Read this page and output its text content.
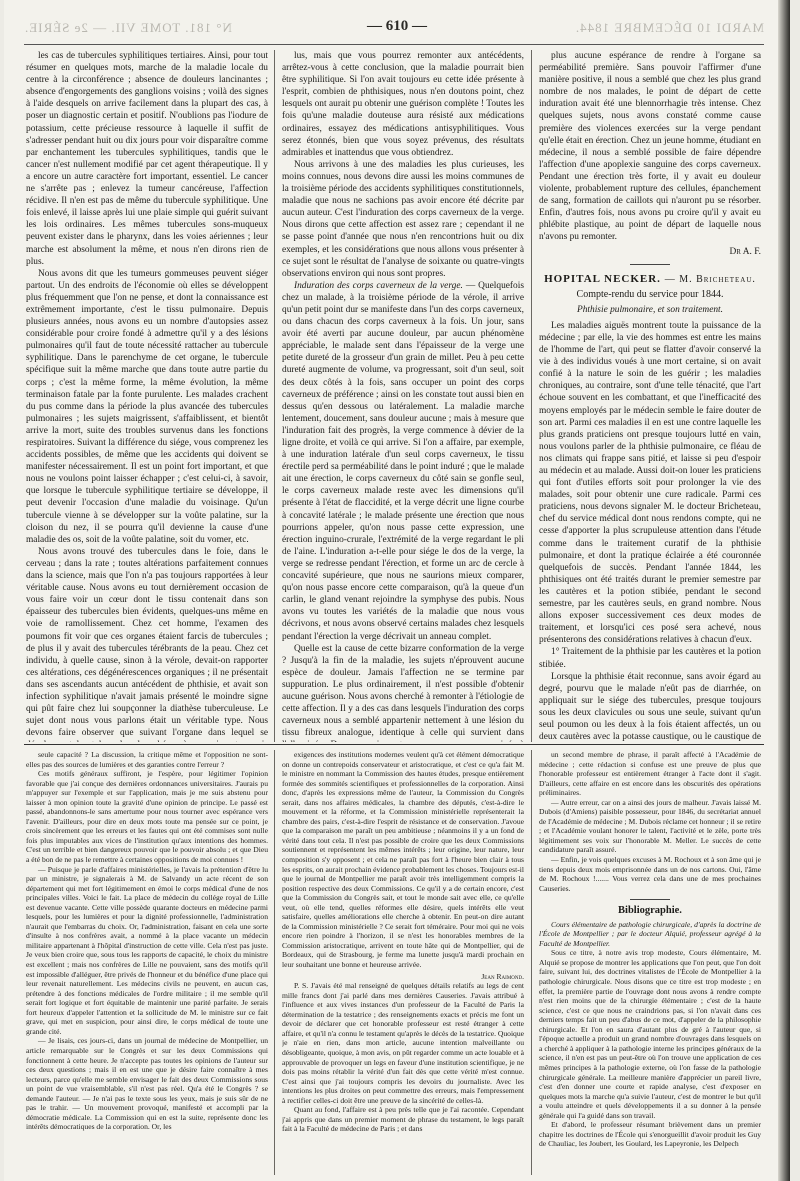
MARDI 10 DÉCEMBRE 1844.
N° 181. TOME VII. — 2e SÉRIE.	— 610 —

les cas de tubercules syphilitiques tertiaires. Ainsi, pour tout résumer en quelques mots, marche de la maladie locale du centre à la circonférence ; absence de douleurs lancinantes ; absence d'engorgements des ganglions voisins ; voilà des signes à l'aide desquels on arrive facilement dans la plupart des cas, à poser un diagnostic certain et positif. N'oublions pas l'iodure de potassium, cette précieuse ressource à laquelle il suffit de s'adresser pendant huit ou dix jours pour voir disparaître comme par enchantement les tubercules syphilitiques, tandis que le cancer n'est nullement modifié par cet agent thérapeutique. Il y a encore un autre caractère fort important, essentiel. Le cancer ne s'arrête pas ; enlevez la tumeur cancéreuse, l'affection récidive. Il n'en est pas de même du tubercule syphilitique. Une fois enlevé, il laisse après lui une plaie simple qui guérit suivant les lois ordinaires. Les mêmes tubercules sons-muqueux peuvent exister dans le pharynx, dans les voies aériennes ; leur marche est absolument la même, et nous n'en dirons rien de plus.

Nous avons dit que les tumeurs gommeuses peuvent siéger partout. Un des endroits de l'économie où elles se développent plus fréquemment que l'on ne pense, et dont la connaissance est extrêmement importante, c'est le tissu pulmonaire. Depuis plusieurs années, nous avons eu un nombre d'autopsies assez considérable pour croire fondé à admettre qu'il y a des lésions pulmonaires qu'il faut de toute nécessité rattacher au tubercule syphilitique. Dans le parenchyme de cet organe, le tubercule spécifique suit la même marche que dans toute autre partie du corps ; c'est la même forme, la même évolution, la même terminaison fatale par la fonte purulente. Les malades crachent du pus comme dans la période la plus avancée des tubercules pulmonaires ; les sujets maigrissent, s'affaiblissent, et bientôt arrive la mort, suite des troubles survenus dans les fonctions respiratoires. Suivant la différence du siége, vous comprenez les accidents possibles, de même que les accidents qui doivent se manifester nécessairement. Il est un point fort important, et que nous ne voulons point laisser échapper ; c'est celui-ci, à savoir, que lorsque le tubercule syphilitique tertiaire se développe, il peut devenir l'occasion d'une maladie du voisinage. Qu'un tubercule vienne à se développer sur la voûte palatine, sur la cloison du nez, il se pourra qu'il devienne la cause d'une maladie des os, soit de la voûte palatine, soit du vomer, etc.

Nous avons trouvé des tubercules dans le foie, dans le cerveau ; dans la rate ; toutes altérations parfaitement connues dans la science, mais que l'on n'a pas toujours rapportées à leur véritable cause. Nous avons eu tout dernièrement occasion de vous faire voir un cœur dont le tissu contenait dans son épaisseur des tubercules bien évidents, quelques-uns même en voie de ramollissement. Chez cet homme, l'examen des poumons fit voir que ces organes étaient farcis de tubercules ; de plus il y avait des tubercules térébrants de la peau. Chez cet individu, à quelle cause, sinon à la vérole, devait-on rapporter ces altérations, ces dégénérescences organiques ; il ne présentait dans ses ascendants aucun antécédent de phthisie, et avait son infection syphilitique n'avait jamais présenté le moindre signe qui pût faire chez lui soupçonner la diathèse tuberculeuse. Le sujet dont nous vous parlons était un véritable type. Nous devons faire observer que suivant l'organe dans lequel se

lus, mais que vous pourrez remonter aux antécédents, arrêtez-vous à cette conclusion, que la maladie pourrait bien être syphilitique. Si l'on avait toujours eu cette idée présente à l'esprit, combien de phthisiques, nous n'en doutons point, chez lesquels ont aurait pu obtenir une guérison complète ! Toutes les fois qu'une maladie douteuse aura résisté aux médications ordinaires, essayez des médications antisyphilitiques. Vous serez étonnés, bien que vous soyez prévenus, des résultats admirables et inattendus que vous obtiendrez.

Nous arrivons à une des maladies les plus curieuses, les moins connues, nous devons dire aussi les moins communes de la troisième période des accidents syphilitiques constitutionnels, maladie que nous ne sachions pas avoir encore été décrite par aucun auteur. C'est l'induration des corps caverneux de la verge. Nous dirons que cette affection est assez rare ; cependant il ne se passe point d'année que nous n'en rencontrions huit ou dix exemples, et les considérations que nous allons vous présenter à ce sujet sont le résultat de l'analyse de soixante ou quatre-vingts observations environ qui nous sont propres.

Induration des corps caverneux de la verge. — Quelquefois chez un malade, à la troisième période de la vérole, il arrive qu'un petit point dur se manifeste dans l'un des corps caverneux, ou dans chacun des corps caverneux à la fois. Un jour, sans avoir été averti par aucune douleur, par aucun phénomène appréciable, le malade sent dans l'épaisseur de la verge une petite dureté de la grosseur d'un grain de millet. Peu à peu cette dureté augmente de volume, va progressant, soit d'un seul, soit des deux côtés à la fois, sans occuper un point des corps caverneux de préférence ; ainsi on les constate tout aussi bien en dessus qu'en dessous ou latéralement. La maladie marche lentement, doucement, sans douleur aucune ; mais à mesure que l'induration fait des progrès, la verge commence à dévier de la ligne droite, et voilà ce qui arrive. Si l'on a affaire, par exemple, à une induration latérale d'un seul corps caverneux, le tissu érectile perd sa perméabilité dans le point induré ; que le malade ait une érection, le corps caverneux du côté sain se gonfle seul, le corps caverneux malade reste avec les dimensions qu'il présente à l'état de flaccidité, et la verge décrit une ligne courbe à concavité latérale ; le malade présente une érection que nous pourrions appeler, qu'on nous passe cette expression, une érection inguino-crurale, l'extrémité de la verge regardant le pli de l'aine. L'induration a-t-elle pour siége le dos de la verge, la verge se redresse pendant l'érection, et forme un arc de cercle à concavité supérieure, que nous ne saurions mieux comparer, qu'on nous passe encore cette comparaison, qu'à la queue d'un carlin, le gland venant rejoindre la symphyse des pubis. Nous avons vu toutes les variétés de la maladie que nous vous décrivons, et nous avons observé certains malades chez lesquels pendant l'érection la verge décrivait un anneau complet.

Quelle est la cause de cette bizarre conformation de la verge ? Jusqu'à la fin de la maladie, les sujets n'éprouvent aucune espèce de douleur. Jamais l'affection ne se termine par suppuration. Le plus ordinairement, il n'est possible d'obtenir aucune guérison. Nous avons cherché à remonter à l'étiologie de cette affection. Il y a des cas dans lesquels l'induration des corps caverneux nous a semblé appartenir nettement à une lésion du tissu fibreux analogue, identique à celle qui survient dans

plus aucune espérance de rendre à l'organe sa perméabilité première. Sans pouvoir l'affirmer d'une manière positive, il nous a semblé que chez les plus grand nombre de nos malades, le point de départ de cette induration avait été une blennorrhagie très intense. Chez quelques sujets, nous avons constaté comme cause première des violences exercées sur la verge pendant qu'elle était en érection. Chez un jeune homme, étudiant en médecine, il nous a semblé possible de faire dépendre l'affection d'une apoplexie sanguine des corps caverneux. Pendant une érection très forte, il y avait eu douleur violente, probablement rupture des cellules, épanchement de sang, formation de caillots qui n'auront pu se résorber. Enfin, d'autres fois, nous avons pu croire qu'il y avait eu phlébite plastique, au point de départ de laquelle nous n'avons pu remonter.

Dr A. F.
HOPITAL NECKER. — M. Bricheteau.
Compte-rendu du service pour 1844.
Phthisie pulmonaire, et son traitement.

Les maladies aiguës montrent toute la puissance de la médecine ; par elle, la vie des hommes est entre les mains de l'homme de l'art, qui peut se flatter d'avoir conservé la vie à des individus voués à une mort certaine, si on avait confié à la nature le soin de les guérir ; les maladies chroniques, au contraire, sont d'une telle ténacité, que l'art échoue souvent en les combattant, et que l'inefficacité des moyens employés par le médecin semble le faire douter de son art. Parmi ces maladies il en est une contre laquelle les plus grands praticiens ont presque toujours lutté en vain, nous voulons parler de la phthisie pulmonaire, ce fléau de nos climats qui frappe sans pitié, et laisse si peu d'espoir au médecin et au malade. Aussi doit-on louer les praticiens qui font d'utiles efforts soit pour prolonger la vie des malades, soit pour obtenir une cure radicale. Parmi ces praticiens, nous devons signaler M. le docteur Bricheteau, chef du service médical dont nous rendons compte, qui ne cesse d'apporter la plus scrupuleuse attention dans l'étude comme dans le traitement curatif de la phthisie pulmonaire, et dont la pratique éclairée a été couronnée quelquefois de succès. Pendant l'année 1844, les phthisiques ont été traités durant le premier semestre par les cautères et la potion stibiée, pendant le second semestre, par les cautères seuls, en grand nombre. Nous allons exposer successivement ces deux modes de traitement, et lorsqu'ici ces posé sera achevé, nous présenterons des considérations relatives à chacun d'eux.

1° Traitement de la phthisie par les cautères et la potion stibiée.

Lorsque la phthisie était reconnue, sans avoir égard au degré, pourvu que le malade n'eût pas de diarrhée, on appliquait sur le siége des tubercules, presque toujours sous les deux clavicules ou sous une seule, suivant qu'un seul poumon ou les deux à la fois étaient affectés, un ou deux cautères avec la potasse caustique, ou le caustique de

seule capacité ? La discussion, la critique même et l'opposition ne sont-elles pas des sources de lumières et des garanties contre l'erreur ?

Ces motifs généraux suffiront, je l'espère, pour légitimer l'opinion favorable que j'ai conçue des dernières ordonnances universitaires. J'aurais pu m'appuyer sur l'exemple et sur l'application, mais je me suis abstenu pour laisser à mon opinion toute la gravité d'une opinion de principe. Le passé est passé, abandonnons-le sans amertume pour nous tourner avec espérance vers l'avenir. D'ailleurs, pour dire en deux mots toute ma pensée sur ce point, je crois sincèrement que les erreurs et les fautes qui ont été commises sont nulle fois plus imputables aux vices de l'institution qu'aux intentions des hommes. C'est un terrible et bien dangereux pouvoir que le pouvoir absolu ; et que Dieu a été bon de ne pas le remettre à certaines oppositions de moi connues !

— Puisque je parle d'affaires ministérielles, je l'avais la prétention d'être lu par un ministre, je signalerais à M. de Salvandy un acte récent de son département qui met fort légitimement en émoi le corps médical d'une de nos principales villes. Voici le fait. La place de médecin du collége royal de Lille est devenue vacante. Cette ville possède quarante docteurs en médecine parmi lesquels, pour les lumières et pour la dignité professionnelle, l'administration n'aurait que l'embarras du choix. Or, l'administration, faisant en cela une sorte d'insulte à nos confrères avait, a nommé à la place vacante un médecin militaire appartenant à l'hôpital d'instruction de cette ville. Cela n'est pas juste. Je veux bien croire que, sous tous les rapports de capacité, le choix du ministre est excellent ; mais nos confrères de Lille ne pouvaient, sans des motifs qu'il est impossible d'alléguer, être privés de l'honneur et du bénéfice d'une place qui leur revenait naturellement. Les médecins civils ne peuvent, en aucun cas, prétendre à des fonctions médicales de l'ordre militaire ; il me semble qu'il serait fort logique et fort équitable de maintenir une parité parfaite. Je serais fort heureux d'appeler l'attention et la sollicitude de M. le ministre sur ce fait grave, qui met en suspicion, pour ainsi dire, le corps médical de toute une grande cité.

— Je lisais, ces jours-ci, dans un journal de médecine de Montpellier, un article remarquable sur le Congrès et sur les deux Commissions qui fonctionnent à cette heure. Je n'accepte pas toutes les opinions de l'auteur sur ces deux questions ; mais il en est une que je désire faire connaître à mes lecteurs, parce qu'elle me semble envisager le fait des deux Commissions sous un point de vue vraisemblable, s'il n'est pas réel. Qu'a été le Congrès ? se demande l'auteur. — Je n'ai pas le texte sous les yeux, mais je suis sûr de ne pas le trahir. — Un mouvement provoqué, manifesté et accompli par la démocratie médicale. La Commission qui en est la suite, représente donc les intérêts démocratiques de la corporation. Or, les

exigences des institutions modernes veulent qu'à cet élément démocratique on donne un contrepoids conservateur et aristocratique, et c'est ce qu'a fait M. le ministre en nommant la Commission des hautes études, presque entièrement formée des sommités scientifiques et professionnelles de la corporation. Ainsi donc, d'après les expressions même de l'auteur, la Commission du Congrès serait, dans nos affaires médicales, la chambre des députés, c'est-à-dire le mouvement et la réforme, et la Commission ministérielle représenterait la chambre des pairs, c'est-à-dire l'esprit de résistance et de conservation. J'avoue que la comparaison me paraît un peu ambitieuse ; néanmoins il y a un fond de vérité dans tout cela. Il n'est pas possible de croire que les deux Commissions soutiennent et représentent les mêmes intérêts ; leur origine, leur nature, leur composition s'y opposent ; et cela ne paraît pas fort à l'heure bien clair à tous les esprits, on aurait prochain évidence probablement les choses. Toujours est-il que le journal de Montpellier me paraît avoir très intelligemment compris la position respective des deux Commissions. Ce qu'il y a de certain encore, c'est que la Commission du Congrès sait, et tout le monde sait avec elle, ce qu'elle veut, où elle tend, quelles réformes elle désire, quels intérêts elle veut satisfaire, quelles améliorations elle cherche à obtenir. En peut-on dire autant de la Commission ministérielle ? Ce serait fort téméraire. Pour moi qui ne vois encore rien poindre à l'horizon, il se n'est les honorables membres de la Commission aristocratique, arrivent en toute hâte qui de Montpellier, qui de Bordeaux, qui de Strasbourg, je ferme ma lunette jusqu'à mardi prochain en leur souhaitant une bonne et heureuse arrivée.

Jean Raimond.

P. S. J'avais été mal renseigné de quelques détails relatifs au legs de cent mille francs dont j'ai parlé dans mes dernières Causeries. J'avais attribué à l'influence et aux vives instances d'un professeur de la Faculté de Paris la détermination de la testatrice ; des renseignements exacts et précis me font un devoir de déclarer que cet honorable professeur est resté étranger à cette affaire, et qu'il n'a connu le testament qu'après le décès de la testatrice. Quoique je n'aie en rien, dans mon article, aucune intention malveillante ou désobligeante, quoique, à mon avis, on pût regarder comme un acte louable et à approuvable de provoquer un legs en faveur d'une institution scientifique, je ne dois pas moins rétablir la vérité d'un fait dès que cette vérité m'est connue. C'est ainsi que j'ai toujours compris les devoirs du journaliste. Avec les intentions les plus droites on peut commettre des erreurs, mais l'empressement à rectifier celles-ci doit être une preuve de la sincérité de celles-là.

Quant au fond, l'affaire est à peu près telle que je l'ai racontée. Cependant j'ai appris que dans un premier moment de phrase du testament, le legs paraît fait à la Faculté de médecine de Paris ; et dans

un second membre de phrase, il paraît affecté à l'Académie de médecine ; cette rédaction si confuse est une preuve de plus que l'honorable professeur est entièrement étranger à l'acte dont il s'agit. D'ailleurs, cette affaire en est encore dans les obscurités des opérations préliminaires.

— Autre erreur, car on a ainsi des jours de malheur. J'avais laissé M. Dubois (d'Amiens) paisible possesseur, pour 1846, du secrétariat annuel de l'Académie de médecine ; M. Dubois réclame cet honneur ; il se retire ; et l'Académie voulant honorer le talent, l'activité et le zèle, porte très légitimement ses voix sur l'honorable M. Meller. Le succès de cette candidature paraît assuré.

— Enfin, je vois quelques excuses à M. Rochoux et à son âme qui je tiens depuis deux mois emprisonnée dans un de nos cartons. Oui, l'âme de M. Rochoux !....... Vous verrez cela dans une de mes prochaines Causeries.

Bibliographie.

Cours élémentaire de pathologie chirurgicale, d'après la doctrine de l'École de Montpellier ; par le docteur Alquié, professeur agrégé à la Faculté de Montpellier.

Sous ce titre, à notre avis trop modeste, Cours élémentaire, M. Alquié se propose de montrer les applications que l'on peut, que l'on doit faire, suivant lui, des doctrines vitalistes de l'École de Montpellier à la pathologie chirurgicale. Nous disons que ce titre est trop modeste ; en effet, la première partie de l'ouvrage dont nous avons à rendre compte n'est rien moins que de la chirurgie élémentaire ; c'est de la haute science, c'est ce que nous ne craindrions pas, si l'on n'avait dans ces derniers temps fait un peu d'abus de ce mot, d'appeler de la philosophie chirurgicale. Et l'on en saura d'autant plus de gré à l'auteur que, si l'époque actuelle a produit un grand nombre d'ouvrages dans lesquels on a cherché à appliquer à la pathologie interne les principes généraux de la science, il n'en est pas un peut-être où l'on trouve une application de ces mêmes principes à la pathologie externe, où l'on fasse de la pathologie chirurgicale générale. La meilleure manière d'apprécier un pareil livre, c'est d'en donner une courte et rapide analyse, c'est d'exposer en quelques mots la marche qu'a suivie l'auteur, c'est de montrer le but qu'il a voulu atteindre et quels développements il a su donner à la pensée générale qui l'a guidé dans son travail.

Et d'abord, le professeur résumant brièvement dans un premier chapitre les doctrines de l'École qui s'enorgueillit d'avoir produit les Guy de Chauliac, les Joubert, les Goulard, les Lapeyronie, les Delpech
